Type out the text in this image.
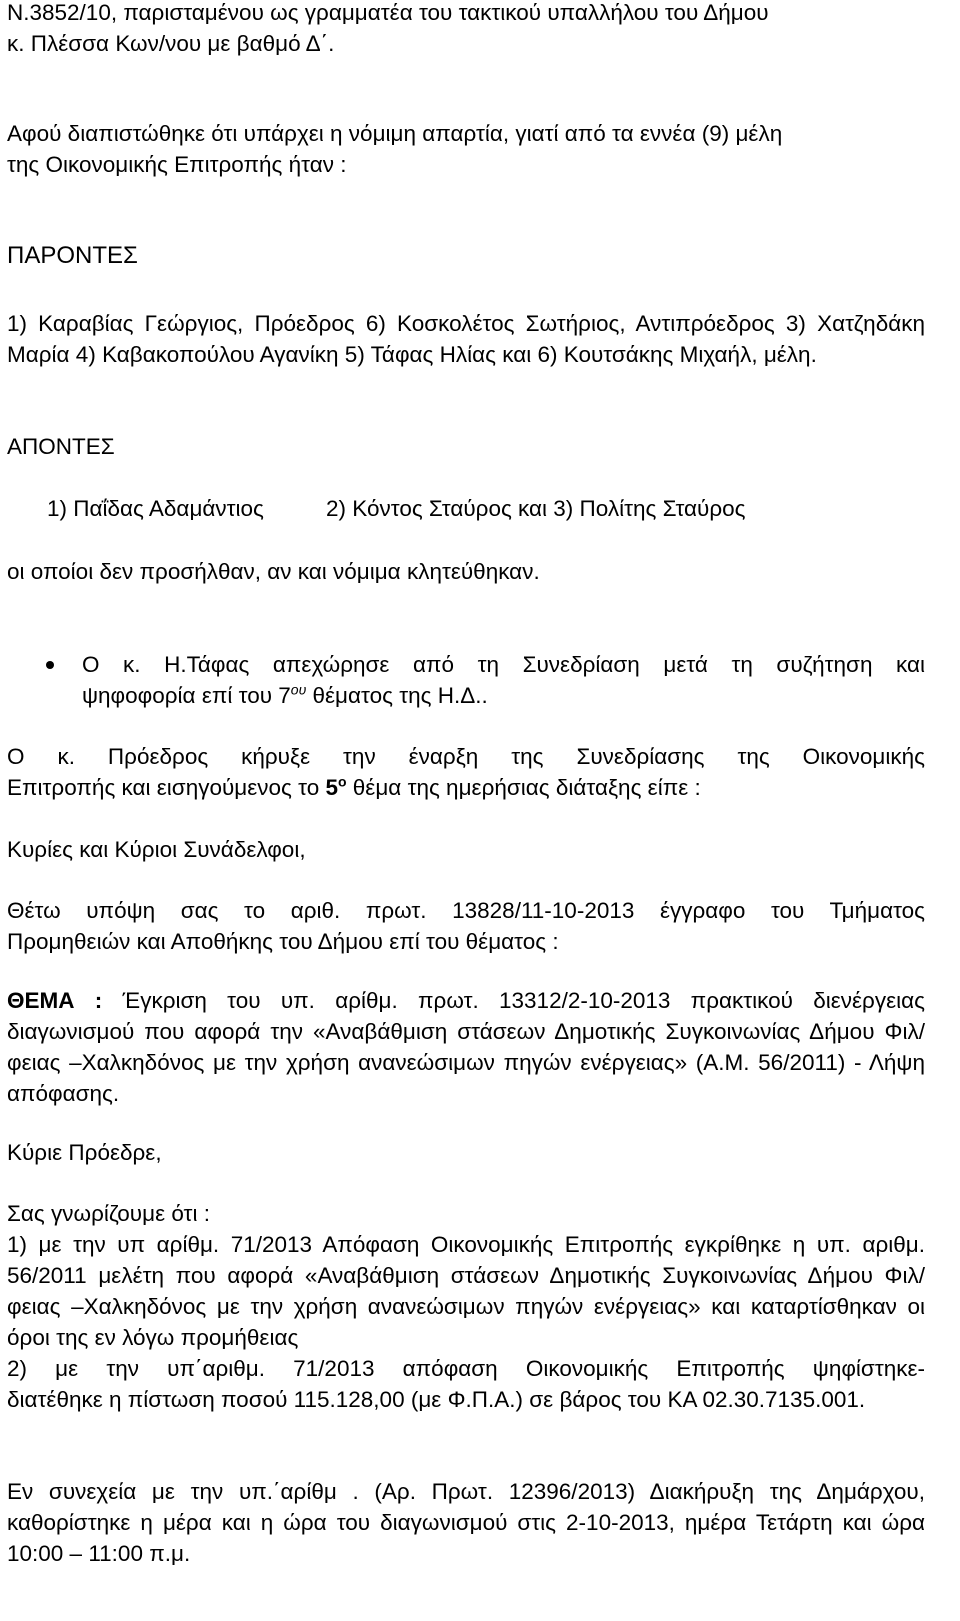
Ν.3852/10, παρισταμένου ως γραμματέα του τακτικού υπαλλήλου του Δήμου
κ. Πλέσσα Κων/νου με βαθμό Δ΄.
Αφού διαπιστώθηκε ότι υπάρχει η νόμιμη απαρτία, γιατί από τα εννέα (9) μέλη
της Οικονομικής Επιτροπής ήταν :
ΠΑΡΟΝΤΕΣ

1) Καραβίας Γεώργιος, Πρόεδρος 6) Κοσκολέτος Σωτήριος, Αντιπρόεδρος 3) Χατζηδάκη Μαρία 4) Καβακοπούλου Αγανίκη 5) Τάφας Ηλίας και 6) Κουτσάκης Μιχαήλ, μέλη.

ΑΠΟΝΤΕΣ
1) Παΐδας Αδαμάντιος	2) Κόντος Σταύρος και 3) Πολίτης Σταύρος
οι οποίοι δεν προσήλθαν, αν και νόμιμα κλητεύθηκαν.
Ο κ. Η.Τάφας απεχώρησε από τη Συνεδρίαση μετά τη συζήτηση και
ψηφοφορία επί του $7^{o\upsilon}$ θέματος της Η.Δ..
Ο κ. Πρόεδρος κήρυξε την έναρξη της Συνεδρίασης της Οικονομικής
Επιτροπής και εισηγούμενος το $5^o$ θέμα της ημερήσιας διάταξης είπε :
Κυρίες και Κύριοι Συνάδελφοι,
Θέτω υπόψη σας το αριθ. πρωτ. 13828/11-10-2013 έγγραφο του Τμήματος
Προμηθειών και Αποθήκης του Δήμου επί του θέματος :

ΘΕΜΑ : Έγκριση του υπ. αρίθμ. πρωτ. 13312/2-10-2013 πρακτικού διενέργειας διαγωνισμού που αφορά την «Αναβάθμιση στάσεων Δημοτικής Συγκοινωνίας Δήμου Φιλ/φειας –Χαλκηδόνος με την χρήση ανανεώσιμων πηγών ενέργειας» (Α.Μ. 56/2011) - Λήψη απόφασης.

Κύριε Πρόεδρε,
Σας γνωρίζουμε ότι :

1) με την υπ αρίθμ. 71/2013 Απόφαση Οικονομικής Επιτροπής εγκρίθηκε η υπ. αριθμ. 56/2011 μελέτη που αφορά «Αναβάθμιση στάσεων Δημοτικής Συγκοινωνίας Δήμου Φιλ/φειας –Χαλκηδόνος με την χρήση ανανεώσιμων πηγών ενέργειας» και καταρτίσθηκαν οι όροι της εν λόγω προμήθειας

2) με την υπ΄αριθμ. 71/2013 απόφαση Οικονομικής Επιτροπής ψηφίστηκε-

διατέθηκε η πίστωση ποσού 115.128,00 (με Φ.Π.Α.) σε βάρος του ΚΑ 02.30.7135.001.

Εν συνεχεία με την υπ.΄αρίθμ . (Αρ. Πρωτ. 12396/2013) Διακήρυξη της Δημάρχου, καθορίστηκε η μέρα και η ώρα του διαγωνισμού στις 2-10-2013, ημέρα Τετάρτη και ώρα 10:00 – 11:00 π.μ.
